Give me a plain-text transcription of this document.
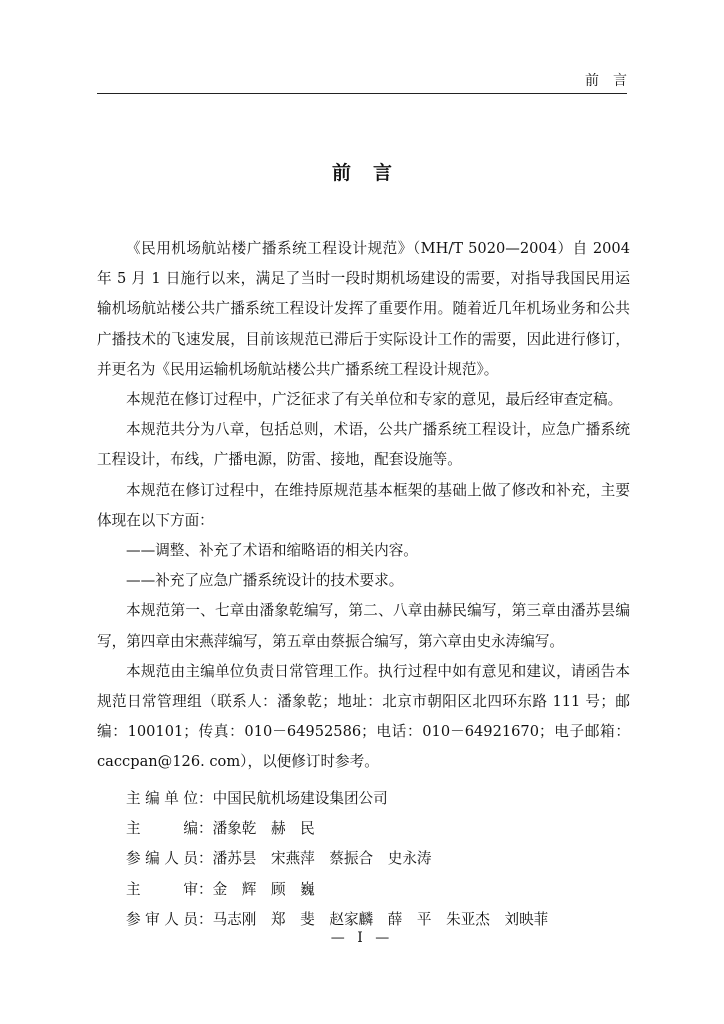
前言
前言

《民用机场航站楼广播系统工程设计规范》（MH/T 5020—2004）自 2004 年 5 月 1 日施行以来，满足了当时一段时期机场建设的需要，对指导我国民用运输机场航站楼公共广播系统工程设计发挥了重要作用。随着近几年机场业务和公共广播技术的飞速发展，目前该规范已滞后于实际设计工作的需要，因此进行修订，并更名为《民用运输机场航站楼公共广播系统工程设计规范》。

本规范在修订过程中，广泛征求了有关单位和专家的意见，最后经审查定稿。

本规范共分为八章，包括总则，术语，公共广播系统工程设计，应急广播系统工程设计，布线，广播电源，防雷、接地，配套设施等。

本规范在修订过程中，在维持原规范基本框架的基础上做了修改和补充，主要体现在以下方面：

——调整、补充了术语和缩略语的相关内容。

——补充了应急广播系统设计的技术要求。

本规范第一、七章由潘象乾编写，第二、八章由赫民编写，第三章由潘苏昙编写，第四章由宋燕萍编写，第五章由蔡振合编写，第六章由史永涛编写。

本规范由主编单位负责日常管理工作。执行过程中如有意见和建议，请函告本规范日常管理组（联系人：潘象乾；地址：北京市朝阳区北四环东路 111 号；邮编：100101；传真：010－64952586；电话：010－64921670；电子邮箱：caccpan@126. com），以便修订时参考。

主编单位：中国民航机场建设集团公司
主编：潘象乾　赫　民
参编人员：潘苏昙　宋燕萍　蔡振合　史永涛
主审：金　辉　顾　巍
参审人员：马志刚　郑　斐　赵家麟　薛　平　朱亚杰　刘映菲
— I —
